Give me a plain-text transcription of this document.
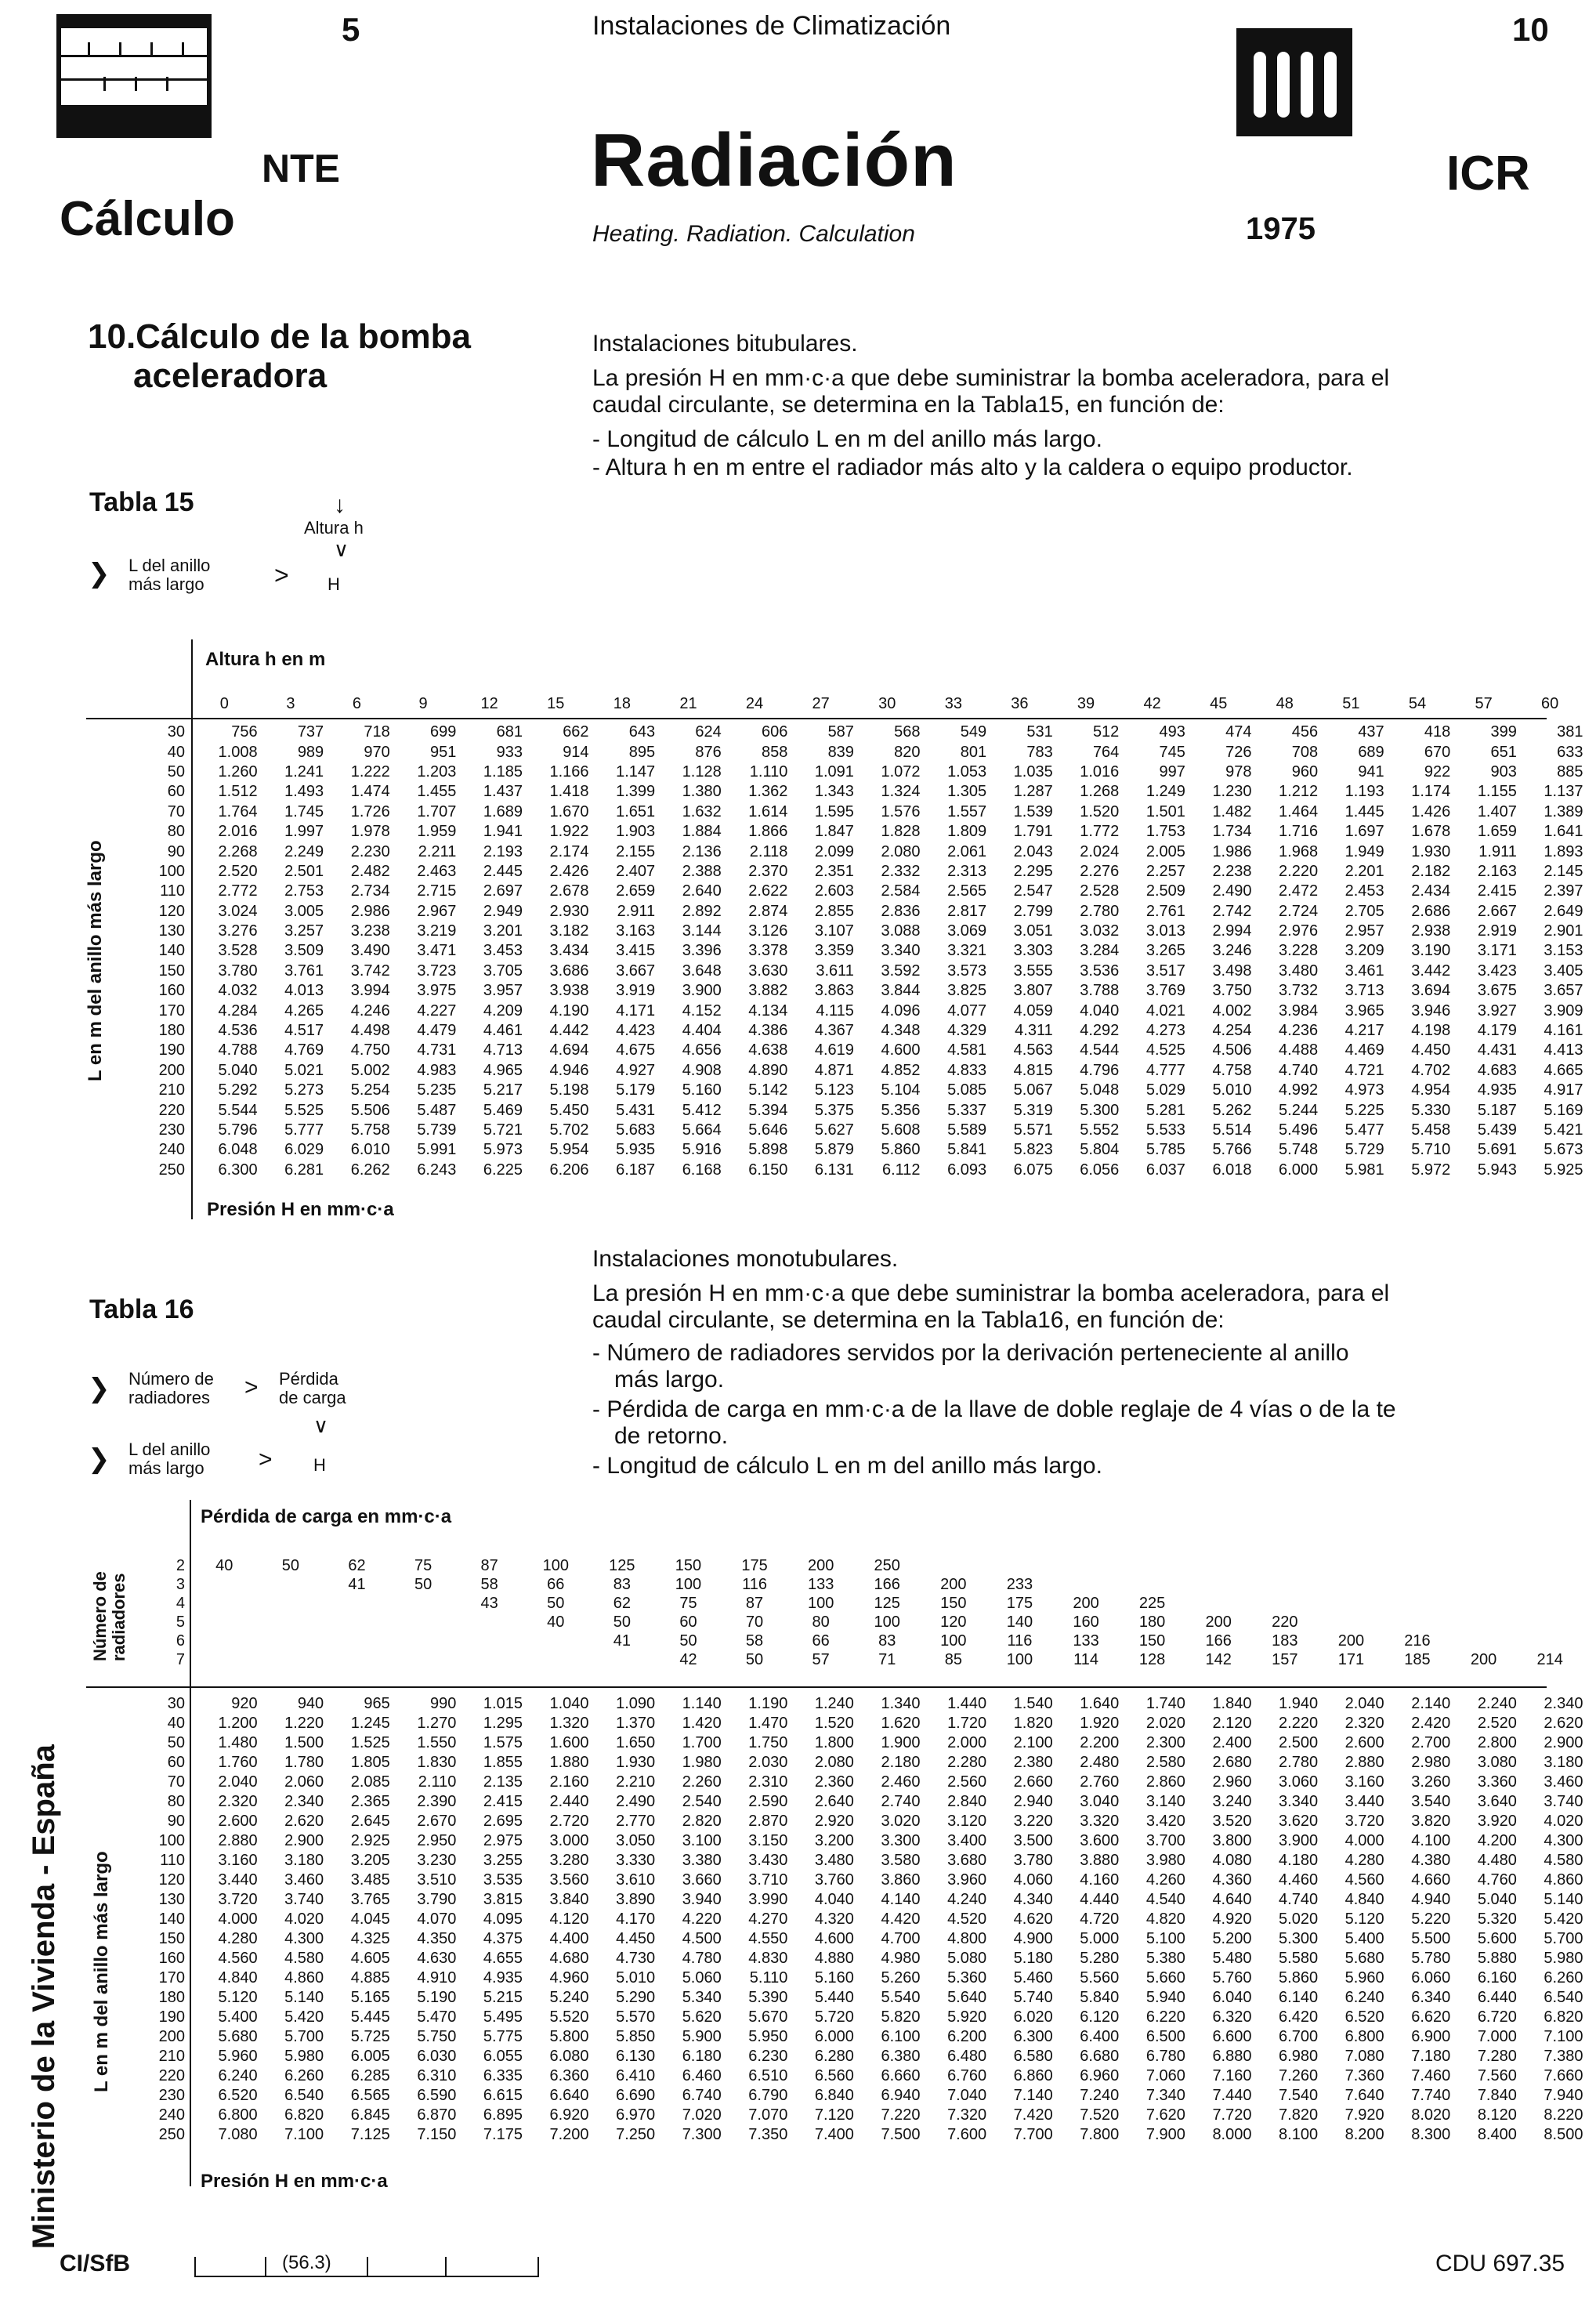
5	Instalaciones de Climatización	10
NTE
Cálculo
Radiación
Heating. Radiation. Calculation
ICR
1975
10.Cálculo de la bomba
aceleradora
Instalaciones bitubulares.
La presión H en mm·c·a que debe suministrar la bomba aceleradora, para el
caudal circulante, se determina en la Tabla15, en función de:
- Longitud de cálculo L en m del anillo más largo.
- Altura h en m entre el radiador más alto y la caldera o equipo productor.
Tabla 15	↓
Altura h
∨
❯ L del anillo
más largo	> H
Altura h en m
L en m del anillo más largo
Presión H en mm·c·a
	0	3	6	9	12	15	18	21	24	27	30	33	36	39	42	45	48	51	54	57	60

30	756	737	718	699	681	662	643	624	606	587	568	549	531	512	493	474	456	437	418	399	381
40	1.008	989	970	951	933	914	895	876	858	839	820	801	783	764	745	726	708	689	670	651	633
50	1.260	1.241	1.222	1.203	1.185	1.166	1.147	1.128	1.110	1.091	1.072	1.053	1.035	1.016	997	978	960	941	922	903	885
60	1.512	1.493	1.474	1.455	1.437	1.418	1.399	1.380	1.362	1.343	1.324	1.305	1.287	1.268	1.249	1.230	1.212	1.193	1.174	1.155	1.137
70	1.764	1.745	1.726	1.707	1.689	1.670	1.651	1.632	1.614	1.595	1.576	1.557	1.539	1.520	1.501	1.482	1.464	1.445	1.426	1.407	1.389
80	2.016	1.997	1.978	1.959	1.941	1.922	1.903	1.884	1.866	1.847	1.828	1.809	1.791	1.772	1.753	1.734	1.716	1.697	1.678	1.659	1.641
90	2.268	2.249	2.230	2.211	2.193	2.174	2.155	2.136	2.118	2.099	2.080	2.061	2.043	2.024	2.005	1.986	1.968	1.949	1.930	1.911	1.893
100	2.520	2.501	2.482	2.463	2.445	2.426	2.407	2.388	2.370	2.351	2.332	2.313	2.295	2.276	2.257	2.238	2.220	2.201	2.182	2.163	2.145
110	2.772	2.753	2.734	2.715	2.697	2.678	2.659	2.640	2.622	2.603	2.584	2.565	2.547	2.528	2.509	2.490	2.472	2.453	2.434	2.415	2.397
120	3.024	3.005	2.986	2.967	2.949	2.930	2.911	2.892	2.874	2.855	2.836	2.817	2.799	2.780	2.761	2.742	2.724	2.705	2.686	2.667	2.649
130	3.276	3.257	3.238	3.219	3.201	3.182	3.163	3.144	3.126	3.107	3.088	3.069	3.051	3.032	3.013	2.994	2.976	2.957	2.938	2.919	2.901
140	3.528	3.509	3.490	3.471	3.453	3.434	3.415	3.396	3.378	3.359	3.340	3.321	3.303	3.284	3.265	3.246	3.228	3.209	3.190	3.171	3.153
150	3.780	3.761	3.742	3.723	3.705	3.686	3.667	3.648	3.630	3.611	3.592	3.573	3.555	3.536	3.517	3.498	3.480	3.461	3.442	3.423	3.405
160	4.032	4.013	3.994	3.975	3.957	3.938	3.919	3.900	3.882	3.863	3.844	3.825	3.807	3.788	3.769	3.750	3.732	3.713	3.694	3.675	3.657
170	4.284	4.265	4.246	4.227	4.209	4.190	4.171	4.152	4.134	4.115	4.096	4.077	4.059	4.040	4.021	4.002	3.984	3.965	3.946	3.927	3.909
180	4.536	4.517	4.498	4.479	4.461	4.442	4.423	4.404	4.386	4.367	4.348	4.329	4.311	4.292	4.273	4.254	4.236	4.217	4.198	4.179	4.161
190	4.788	4.769	4.750	4.731	4.713	4.694	4.675	4.656	4.638	4.619	4.600	4.581	4.563	4.544	4.525	4.506	4.488	4.469	4.450	4.431	4.413
200	5.040	5.021	5.002	4.983	4.965	4.946	4.927	4.908	4.890	4.871	4.852	4.833	4.815	4.796	4.777	4.758	4.740	4.721	4.702	4.683	4.665
210	5.292	5.273	5.254	5.235	5.217	5.198	5.179	5.160	5.142	5.123	5.104	5.085	5.067	5.048	5.029	5.010	4.992	4.973	4.954	4.935	4.917
220	5.544	5.525	5.506	5.487	5.469	5.450	5.431	5.412	5.394	5.375	5.356	5.337	5.319	5.300	5.281	5.262	5.244	5.225	5.330	5.187	5.169
230	5.796	5.777	5.758	5.739	5.721	5.702	5.683	5.664	5.646	5.627	5.608	5.589	5.571	5.552	5.533	5.514	5.496	5.477	5.458	5.439	5.421
240	6.048	6.029	6.010	5.991	5.973	5.954	5.935	5.916	5.898	5.879	5.860	5.841	5.823	5.804	5.785	5.766	5.748	5.729	5.710	5.691	5.673
250	6.300	6.281	6.262	6.243	6.225	6.206	6.187	6.168	6.150	6.131	6.112	6.093	6.075	6.056	6.037	6.018	6.000	5.981	5.972	5.943	5.925
Instalaciones monotubulares.
La presión H en mm·c·a que debe suministrar la bomba aceleradora, para el
caudal circulante, se determina en la Tabla16, en función de:
- Número de radiadores servidos por la derivación perteneciente al anillo
más largo.
- Pérdida de carga en mm·c·a de la llave de doble reglaje de 4 vías o de la te
de retorno.
- Longitud de cálculo L en m del anillo más largo.
Tabla 16
❯ Número de
radiadores > Pérdida
de carga
∨
❯ L del anillo
más largo > H
Pérdida de carga en mm·c·a
Número de
radiadores
L en m del anillo más largo
Presión H en mm·c·a
2	40	50	62	75	87	100	125	150	175	200	250										
3			41	50	58	66	83	100	116	133	166	200	233								
4					43	50	62	75	87	100	125	150	175	200	225						
5						40	50	60	70	80	100	120	140	160	180	200	220				
6							41	50	58	66	83	100	116	133	150	166	183	200	216		
7								42	50	57	71	85	100	114	128	142	157	171	185	200	214
30	920	940	965	990	1.015	1.040	1.090	1.140	1.190	1.240	1.340	1.440	1.540	1.640	1.740	1.840	1.940	2.040	2.140	2.240	2.340
40	1.200	1.220	1.245	1.270	1.295	1.320	1.370	1.420	1.470	1.520	1.620	1.720	1.820	1.920	2.020	2.120	2.220	2.320	2.420	2.520	2.620
50	1.480	1.500	1.525	1.550	1.575	1.600	1.650	1.700	1.750	1.800	1.900	2.000	2.100	2.200	2.300	2.400	2.500	2.600	2.700	2.800	2.900
60	1.760	1.780	1.805	1.830	1.855	1.880	1.930	1.980	2.030	2.080	2.180	2.280	2.380	2.480	2.580	2.680	2.780	2.880	2.980	3.080	3.180
70	2.040	2.060	2.085	2.110	2.135	2.160	2.210	2.260	2.310	2.360	2.460	2.560	2.660	2.760	2.860	2.960	3.060	3.160	3.260	3.360	3.460
80	2.320	2.340	2.365	2.390	2.415	2.440	2.490	2.540	2.590	2.640	2.740	2.840	2.940	3.040	3.140	3.240	3.340	3.440	3.540	3.640	3.740
90	2.600	2.620	2.645	2.670	2.695	2.720	2.770	2.820	2.870	2.920	3.020	3.120	3.220	3.320	3.420	3.520	3.620	3.720	3.820	3.920	4.020
100	2.880	2.900	2.925	2.950	2.975	3.000	3.050	3.100	3.150	3.200	3.300	3.400	3.500	3.600	3.700	3.800	3.900	4.000	4.100	4.200	4.300
110	3.160	3.180	3.205	3.230	3.255	3.280	3.330	3.380	3.430	3.480	3.580	3.680	3.780	3.880	3.980	4.080	4.180	4.280	4.380	4.480	4.580
120	3.440	3.460	3.485	3.510	3.535	3.560	3.610	3.660	3.710	3.760	3.860	3.960	4.060	4.160	4.260	4.360	4.460	4.560	4.660	4.760	4.860
130	3.720	3.740	3.765	3.790	3.815	3.840	3.890	3.940	3.990	4.040	4.140	4.240	4.340	4.440	4.540	4.640	4.740	4.840	4.940	5.040	5.140
140	4.000	4.020	4.045	4.070	4.095	4.120	4.170	4.220	4.270	4.320	4.420	4.520	4.620	4.720	4.820	4.920	5.020	5.120	5.220	5.320	5.420
150	4.280	4.300	4.325	4.350	4.375	4.400	4.450	4.500	4.550	4.600	4.700	4.800	4.900	5.000	5.100	5.200	5.300	5.400	5.500	5.600	5.700
160	4.560	4.580	4.605	4.630	4.655	4.680	4.730	4.780	4.830	4.880	4.980	5.080	5.180	5.280	5.380	5.480	5.580	5.680	5.780	5.880	5.980
170	4.840	4.860	4.885	4.910	4.935	4.960	5.010	5.060	5.110	5.160	5.260	5.360	5.460	5.560	5.660	5.760	5.860	5.960	6.060	6.160	6.260
180	5.120	5.140	5.165	5.190	5.215	5.240	5.290	5.340	5.390	5.440	5.540	5.640	5.740	5.840	5.940	6.040	6.140	6.240	6.340	6.440	6.540
190	5.400	5.420	5.445	5.470	5.495	5.520	5.570	5.620	5.670	5.720	5.820	5.920	6.020	6.120	6.220	6.320	6.420	6.520	6.620	6.720	6.820
200	5.680	5.700	5.725	5.750	5.775	5.800	5.850	5.900	5.950	6.000	6.100	6.200	6.300	6.400	6.500	6.600	6.700	6.800	6.900	7.000	7.100
210	5.960	5.980	6.005	6.030	6.055	6.080	6.130	6.180	6.230	6.280	6.380	6.480	6.580	6.680	6.780	6.880	6.980	7.080	7.180	7.280	7.380
220	6.240	6.260	6.285	6.310	6.335	6.360	6.410	6.460	6.510	6.560	6.660	6.760	6.860	6.960	7.060	7.160	7.260	7.360	7.460	7.560	7.660
230	6.520	6.540	6.565	6.590	6.615	6.640	6.690	6.740	6.790	6.840	6.940	7.040	7.140	7.240	7.340	7.440	7.540	7.640	7.740	7.840	7.940
240	6.800	6.820	6.845	6.870	6.895	6.920	6.970	7.020	7.070	7.120	7.220	7.320	7.420	7.520	7.620	7.720	7.820	7.920	8.020	8.120	8.220
250	7.080	7.100	7.125	7.150	7.175	7.200	7.250	7.300	7.350	7.400	7.500	7.600	7.700	7.800	7.900	8.000	8.100	8.200	8.300	8.400	8.500
Ministerio de la Vivienda - España
CI/SfB	(56.3)	CDU 697.35
